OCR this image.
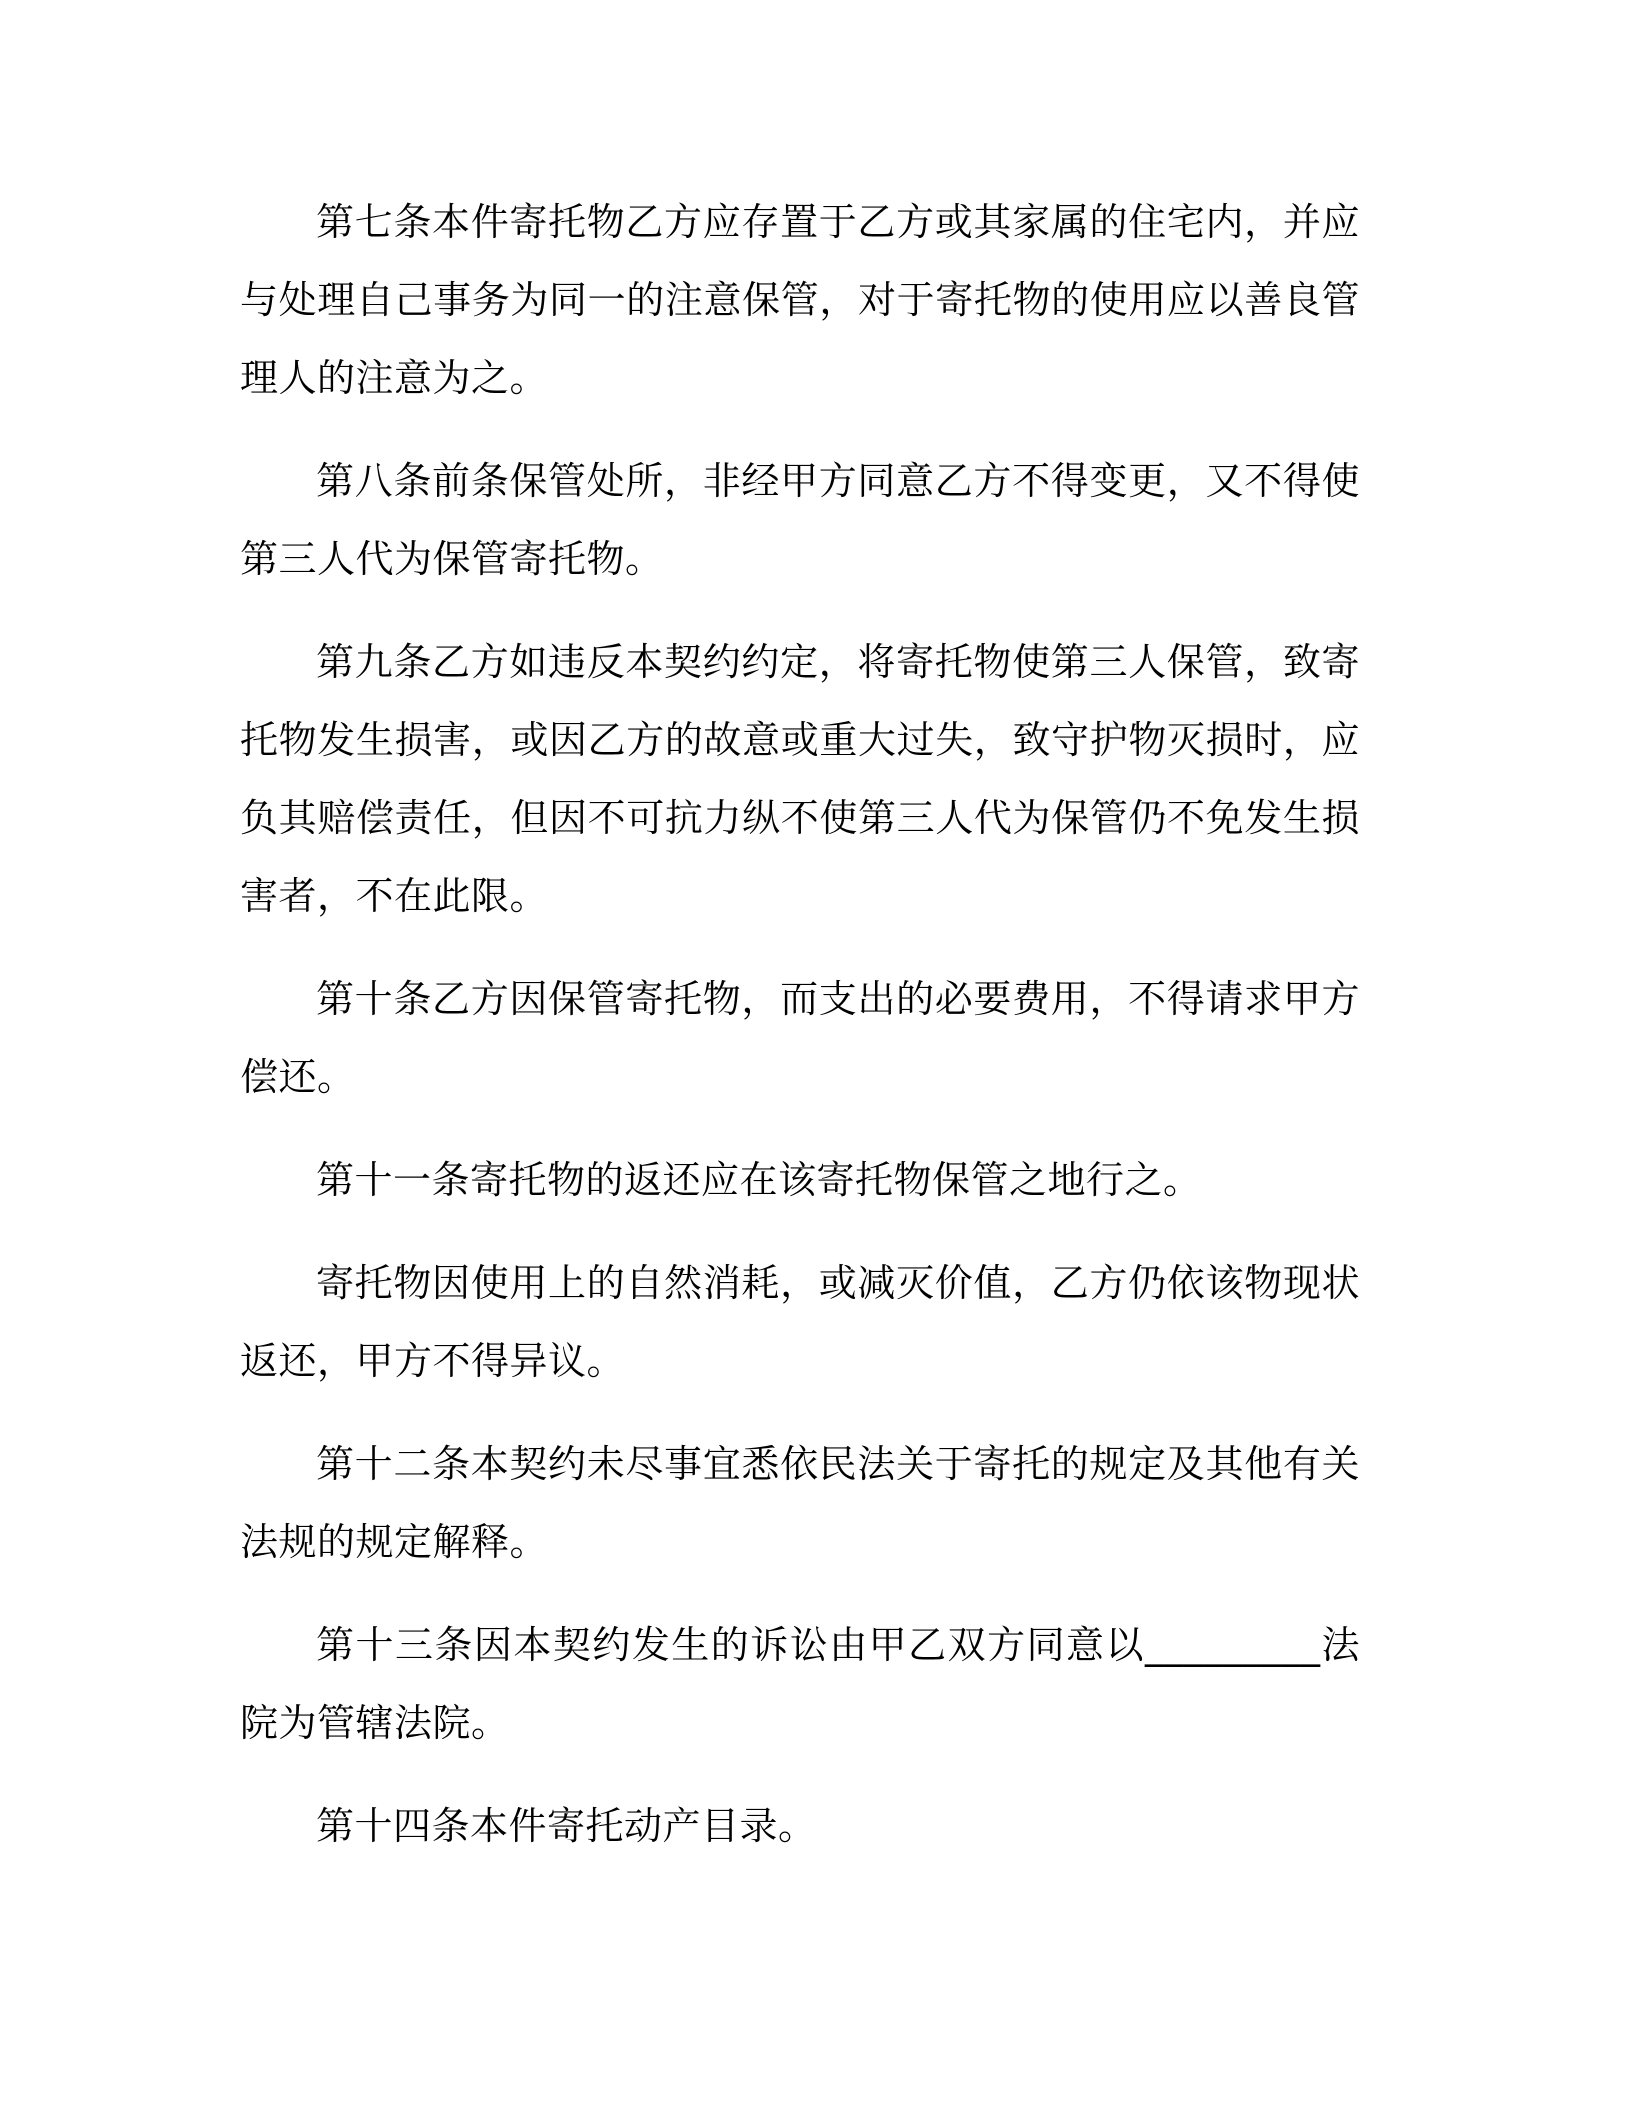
第七条本件寄托物乙方应存置于乙方或其家属的住宅内，并应与处理自己事务为同一的注意保管，对于寄托物的使用应以善良管理人的注意为之。

第八条前条保管处所，非经甲方同意乙方不得变更，又不得使第三人代为保管寄托物。

第九条乙方如违反本契约约定，将寄托物使第三人保管，致寄托物发生损害，或因乙方的故意或重大过失，致守护物灭损时，应负其赔偿责任，但因不可抗力纵不使第三人代为保管仍不免发生损害者，不在此限。

第十条乙方因保管寄托物，而支出的必要费用，不得请求甲方偿还。

第十一条寄托物的返还应在该寄托物保管之地行之。

寄托物因使用上的自然消耗，或减灭价值，乙方仍依该物现状返还，甲方不得异议。

第十二条本契约未尽事宜悉依民法关于寄托的规定及其他有关法规的规定解释。

第十三条因本契约发生的诉讼由甲乙双方同意以_________法院为管辖法院。

第十四条本件寄托动产目录。
